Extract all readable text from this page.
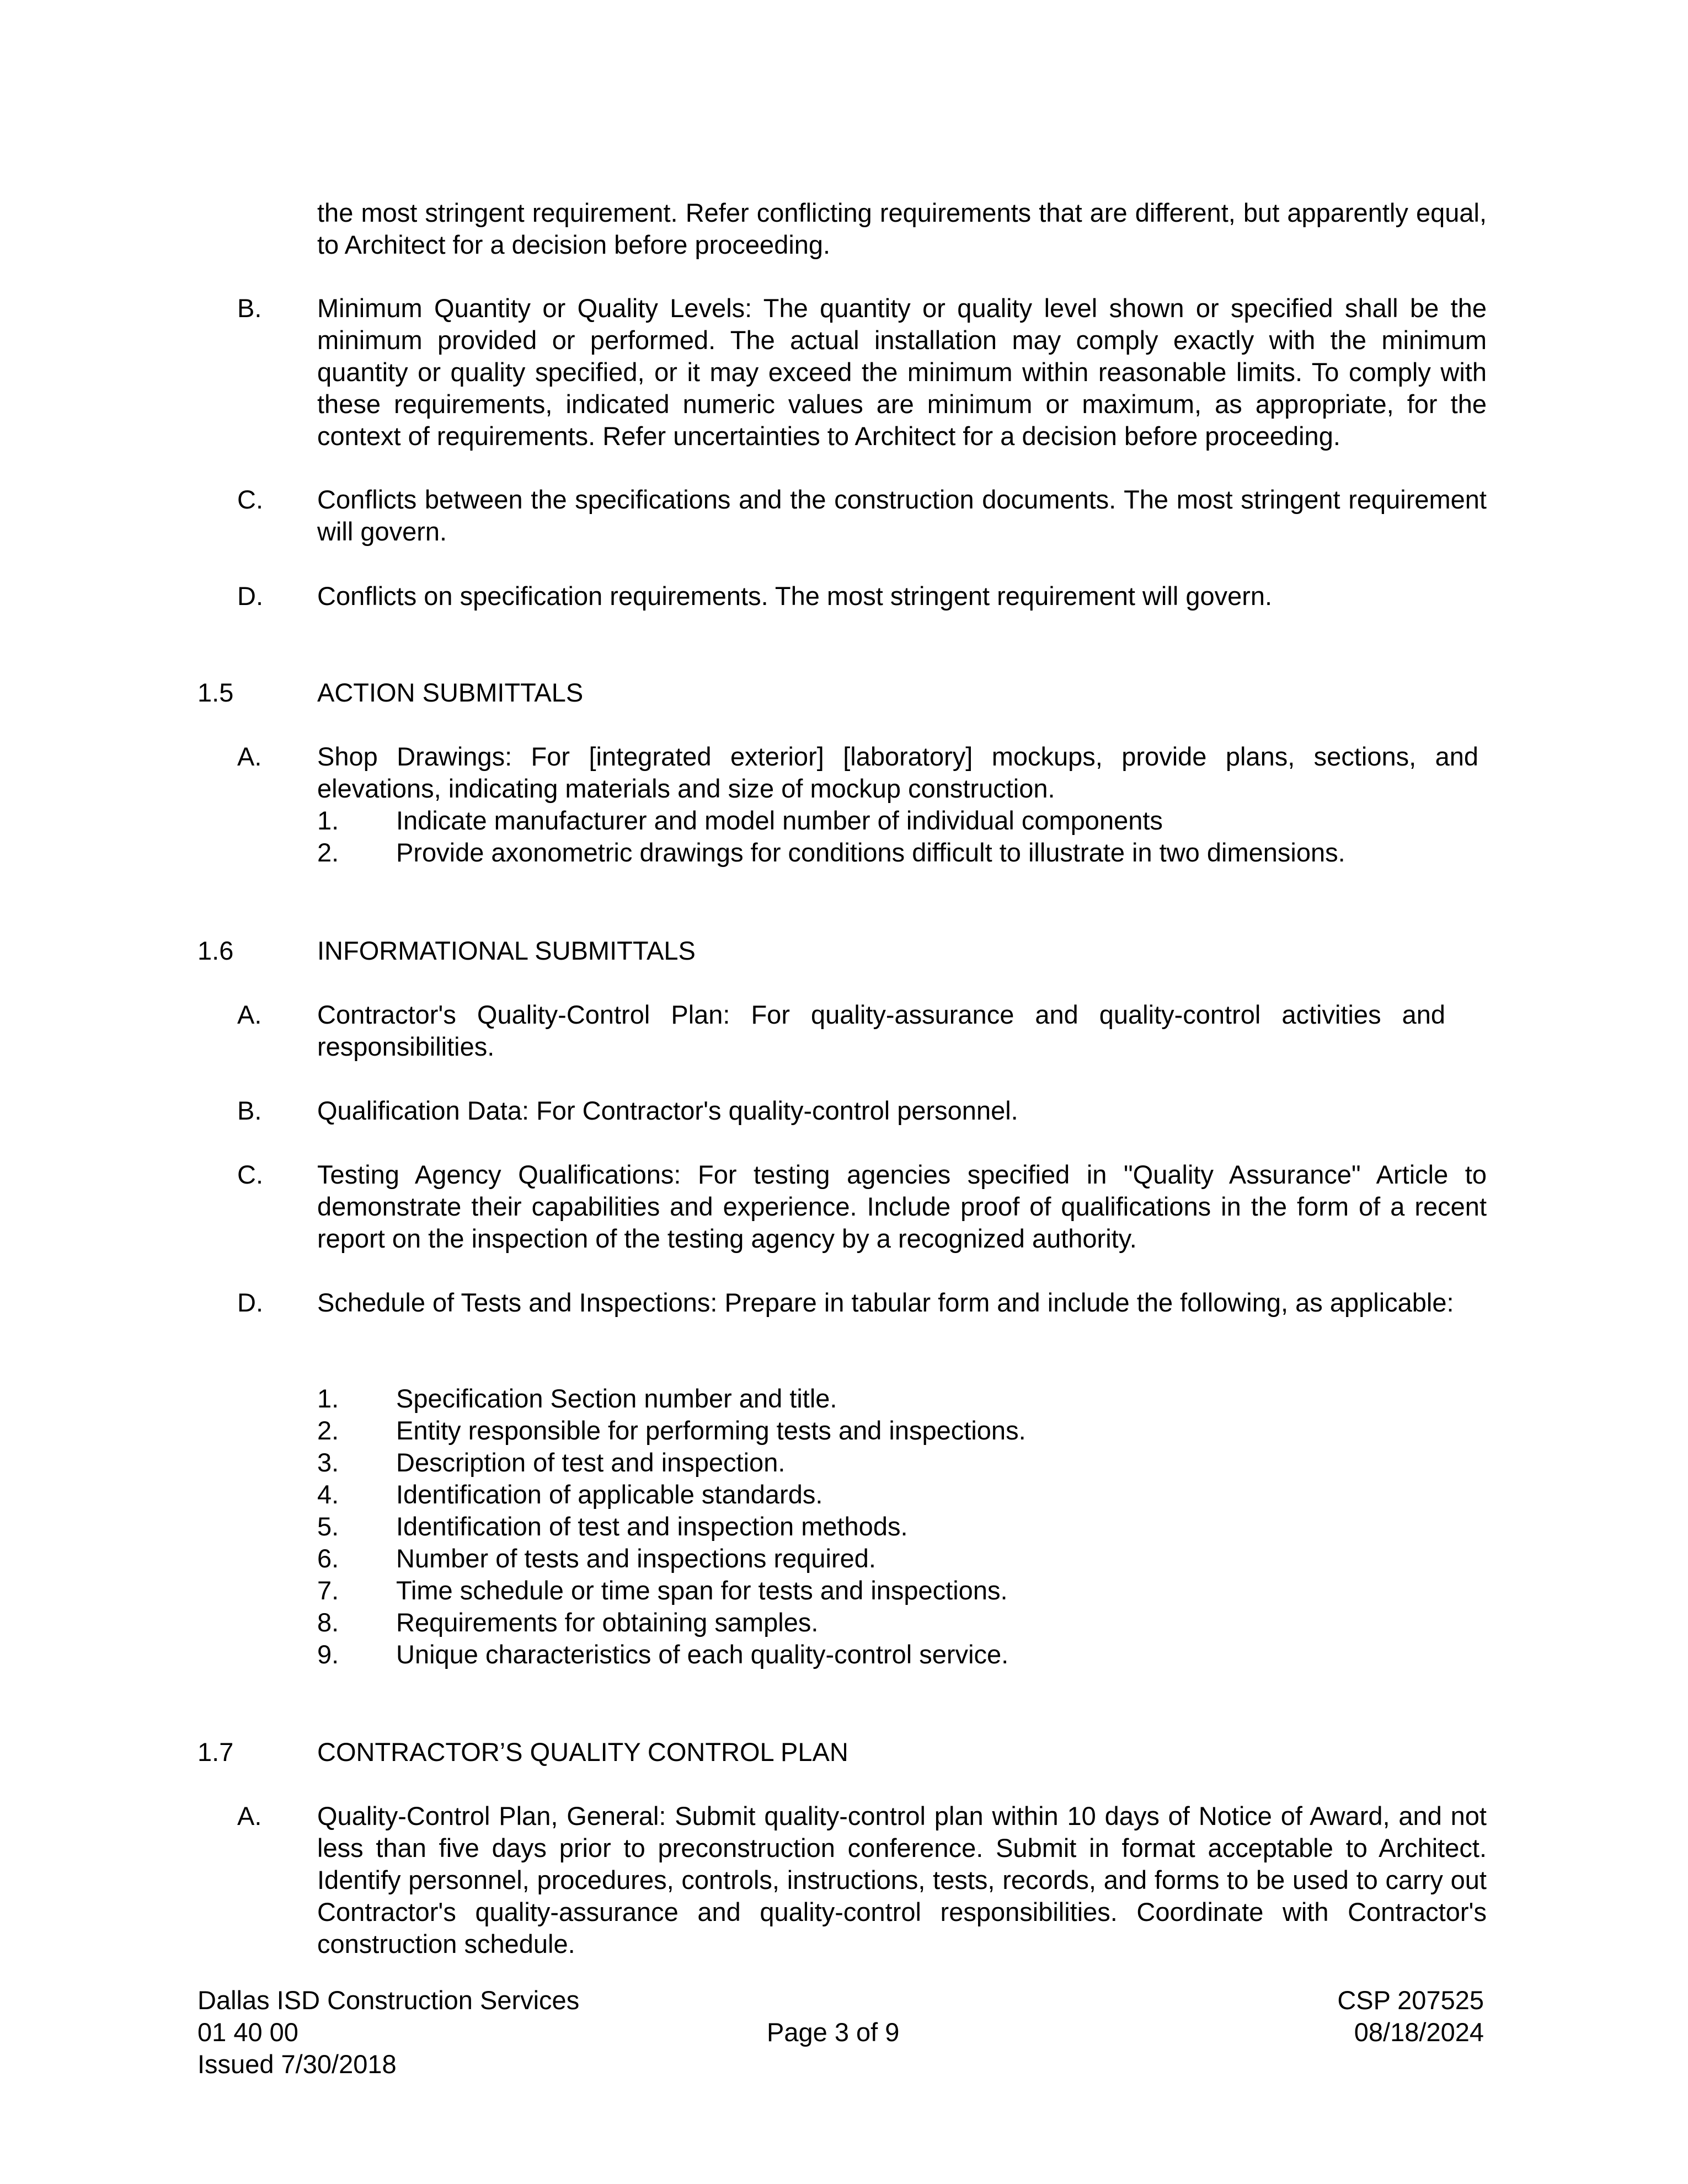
the most stringent requirement. Refer conflicting requirements that are different, but apparently equal, to Architect for a decision before proceeding.
B. Minimum Quantity or Quality Levels: The quantity or quality level shown or specified shall be the minimum provided or performed. The actual installation may comply exactly with the minimum quantity or quality specified, or it may exceed the minimum within reasonable limits. To comply with these requirements, indicated numeric values are minimum or maximum, as appropriate, for the context of requirements. Refer uncertainties to Architect for a decision before proceeding.
C. Conflicts between the specifications and the construction documents. The most stringent requirement will govern.
D. Conflicts on specification requirements. The most stringent requirement will govern.
1.5	ACTION SUBMITTALS
A. Shop Drawings: For [integrated exterior] [laboratory] mockups, provide plans, sections, and elevations, indicating materials and size of mockup construction.
1. Indicate manufacturer and model number of individual components
2. Provide axonometric drawings for conditions difficult to illustrate in two dimensions.
1.6	INFORMATIONAL SUBMITTALS
A. Contractor's Quality-Control Plan: For quality-assurance and quality-control activities and responsibilities.
B. Qualification Data: For Contractor's quality-control personnel.
C. Testing Agency Qualifications: For testing agencies specified in "Quality Assurance" Article to demonstrate their capabilities and experience. Include proof of qualifications in the form of a recent report on the inspection of the testing agency by a recognized authority.
D. Schedule of Tests and Inspections: Prepare in tabular form and include the following, as applicable:
1. Specification Section number and title.
2. Entity responsible for performing tests and inspections.
3. Description of test and inspection.
4. Identification of applicable standards.
5. Identification of test and inspection methods.
6. Number of tests and inspections required.
7. Time schedule or time span for tests and inspections.
8. Requirements for obtaining samples.
9. Unique characteristics of each quality-control service.
1.7	CONTRACTOR’S QUALITY CONTROL PLAN
A. Quality-Control Plan, General: Submit quality-control plan within 10 days of Notice of Award, and not less than five days prior to preconstruction conference. Submit in format acceptable to Architect. Identify personnel, procedures, controls, instructions, tests, records, and forms to be used to carry out Contractor's quality-assurance and quality-control responsibilities. Coordinate with Contractor's construction schedule.
Dallas ISD Construction Services
01 40 00
Issued 7/30/2018
Page 3 of 9
CSP 207525
08/18/2024
